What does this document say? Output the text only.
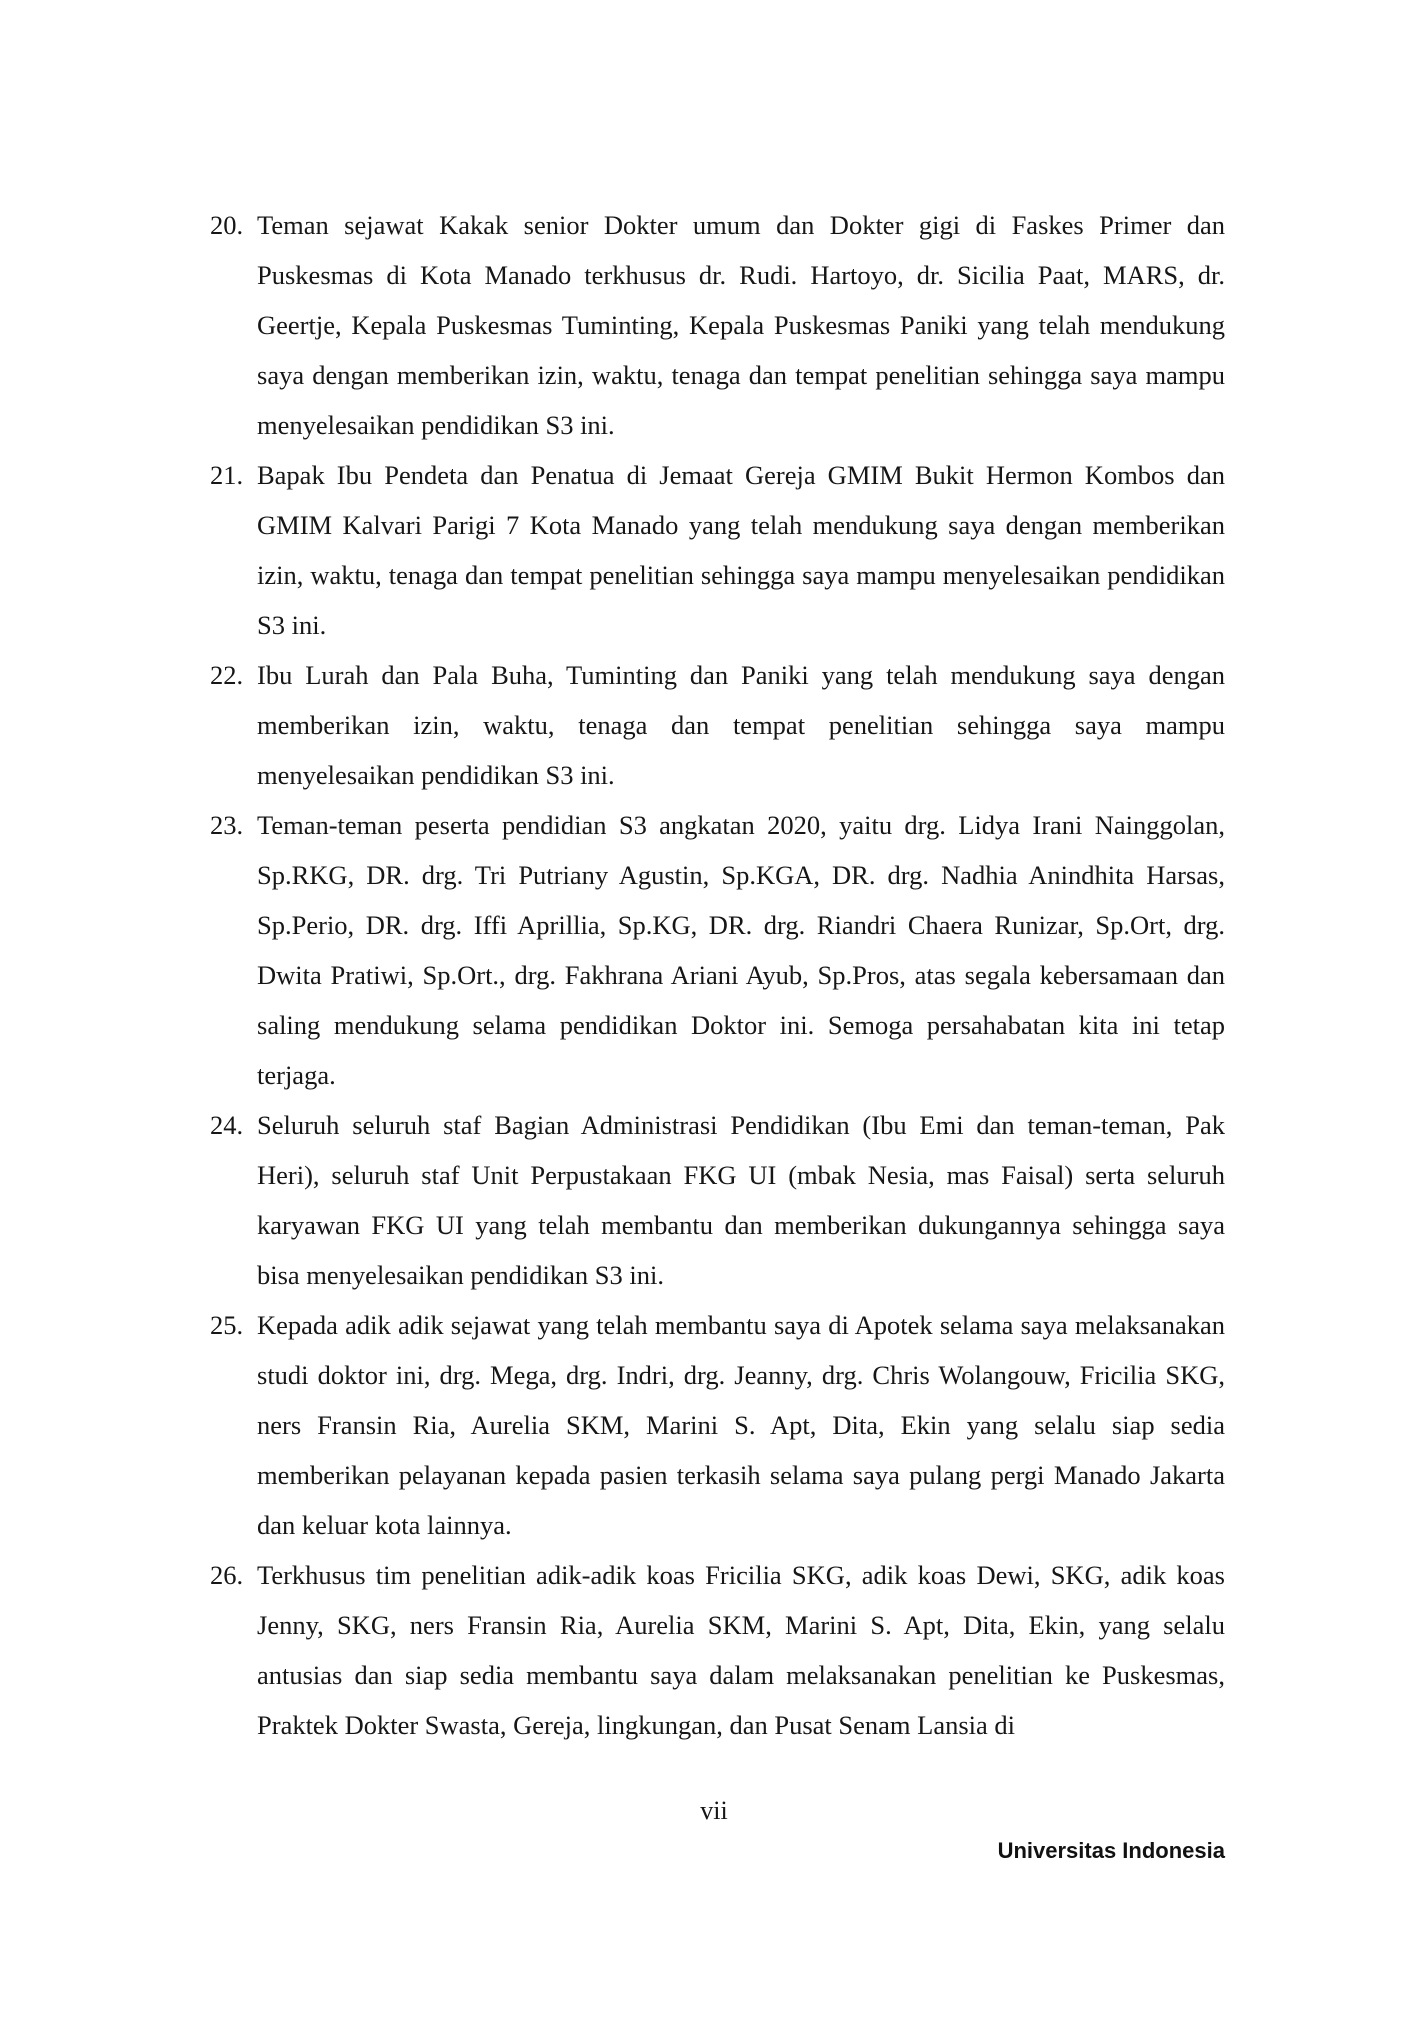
20. Teman sejawat Kakak senior Dokter umum dan Dokter gigi di Faskes Primer dan Puskesmas di Kota Manado terkhusus dr. Rudi. Hartoyo, dr. Sicilia Paat, MARS, dr. Geertje, Kepala Puskesmas Tuminting, Kepala Puskesmas Paniki yang telah mendukung saya dengan memberikan izin, waktu, tenaga dan tempat penelitian sehingga saya mampu menyelesaikan pendidikan S3 ini.
21. Bapak Ibu Pendeta dan Penatua di Jemaat Gereja GMIM Bukit Hermon Kombos dan GMIM Kalvari Parigi 7 Kota Manado yang telah mendukung saya dengan memberikan izin, waktu, tenaga dan tempat penelitian sehingga saya mampu menyelesaikan pendidikan S3 ini.
22. Ibu Lurah dan Pala Buha, Tuminting dan Paniki yang telah mendukung saya dengan memberikan izin, waktu, tenaga dan tempat penelitian sehingga saya mampu menyelesaikan pendidikan S3 ini.
23. Teman-teman peserta pendidian S3 angkatan 2020, yaitu drg. Lidya Irani Nainggolan, Sp.RKG, DR. drg. Tri Putriany Agustin, Sp.KGA, DR. drg. Nadhia Anindhita Harsas, Sp.Perio, DR. drg. Iffi Aprillia, Sp.KG, DR. drg. Riandri Chaera Runizar, Sp.Ort, drg. Dwita Pratiwi, Sp.Ort., drg. Fakhrana Ariani Ayub, Sp.Pros, atas segala kebersamaan dan saling mendukung selama pendidikan Doktor ini. Semoga persahabatan kita ini tetap terjaga.
24. Seluruh seluruh staf Bagian Administrasi Pendidikan (Ibu Emi dan teman-teman, Pak Heri), seluruh staf Unit Perpustakaan FKG UI (mbak Nesia, mas Faisal) serta seluruh karyawan FKG UI yang telah membantu dan memberikan dukungannya sehingga saya bisa menyelesaikan pendidikan S3 ini.
25. Kepada adik adik sejawat yang telah membantu saya di Apotek selama saya melaksanakan studi doktor ini, drg. Mega, drg. Indri, drg. Jeanny, drg. Chris Wolangouw, Fricilia SKG, ners Fransin Ria, Aurelia SKM, Marini S. Apt, Dita, Ekin yang selalu siap sedia memberikan pelayanan kepada pasien terkasih selama saya pulang pergi Manado Jakarta dan keluar kota lainnya.
26. Terkhusus tim penelitian adik-adik koas Fricilia SKG, adik koas Dewi, SKG, adik koas Jenny, SKG, ners Fransin Ria, Aurelia SKM, Marini S. Apt, Dita, Ekin, yang selalu antusias dan siap sedia membantu saya dalam melaksanakan penelitian ke Puskesmas, Praktek Dokter Swasta, Gereja, lingkungan, dan Pusat Senam Lansia di
vii
Universitas Indonesia
